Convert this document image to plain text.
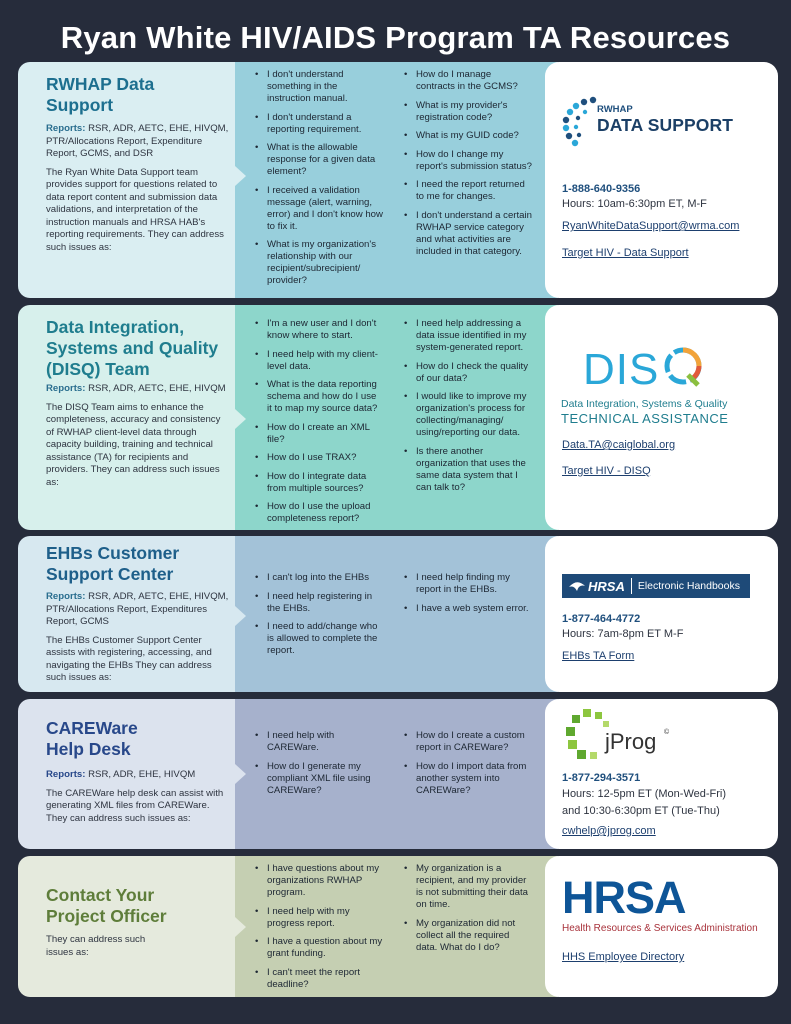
Ryan White HIV/AIDS Program TA Resources
RWHAP Data
Support
Reports: RSR, ADR, AETC, EHE, HIVQM, PTR/Allocations Report, Expenditure Report, GCMS, and DSR
The Ryan White Data Support team provides support for questions related to data report content and submission data validations, and interpretation of the instruction manuals and HRSA HAB's reporting requirements. They can address such issues as:
• I don't understand something in the instruction manual.
• I don't understand a reporting requirement.
• What is the allowable response for a given data element?
• I received a validation message (alert, warning, error) and I don't know how to fix it.
• What is my organization's relationship with our recipient/subrecipient/ provider?
• How do I manage contracts in the GCMS?
• What is my provider's registration code?
• What is my GUID code?
• How do I change my report's submission status?
• I need the report returned to me for changes.
• I don't understand a certain RWHAP service category and what activities are included in that category.
RWHAP
DATA SUPPORT
1-888-640-9356
Hours: 10am-6:30pm ET, M-F
RyanWhiteDataSupport@wrma.com
Target HIV - Data Support
Data Integration,
Systems and Quality
(DISQ) Team
Reports: RSR, ADR, AETC, EHE, HIVQM
The DISQ Team aims to enhance the completeness, accuracy and consistency of RWHAP client-level data through capacity building, training and technical assistance (TA) for recipients and providers. They can address such issues as:
• I'm a new user and I don't know where to start.
• I need help with my client-level data.
• What is the data reporting schema and how do I use it to map my source data?
• How do I create an XML file?
• How do I use TRAX?
• How do I integrate data from multiple sources?
• How do I use the upload completeness report?
• I need help addressing a data issue identified in my system-generated report.
• How do I check the quality of our data?
• I would like to improve my organization's process for collecting/managing/ using/reporting our data.
• Is there another organization that uses the same data system that I can talk to?
DIS
Data Integration, Systems & Quality
TECHNICAL ASSISTANCE
Data.TA@caiglobal.org
Target HIV - DISQ
EHBs Customer
Support Center
Reports: RSR, ADR, AETC, EHE, HIVQM, PTR/Allocations Report, Expenditures Report, GCMS
The EHBs Customer Support Center assists with registering, accessing, and navigating the EHBs They can address such issues as:
• I can't log into the EHBs
• I need help registering in the EHBs.
• I need to add/change who is allowed to complete the report.
• I need help finding my report in the EHBs.
• I have a web system error.
HRSA Electronic Handbooks
1-877-464-4772
Hours: 7am-8pm ET M-F
EHBs TA Form
CAREWare
Help Desk
Reports: RSR, ADR, EHE, HIVQM
The CAREWare help desk can assist with generating XML files from CAREWare. They can address such issues as:
• I need help with CAREWare.
• How do I generate my compliant XML file using CAREWare?
• How do I create a custom report in CAREWare?
• How do I import data from another system into CAREWare?
jProg ©
1-877-294-3571
Hours: 12-5pm ET (Mon-Wed-Fri)
and 10:30-6:30pm ET (Tue-Thu)
cwhelp@jprog.com
Contact Your
Project Officer
They can address such issues as:
• I have questions about my organizations RWHAP program.
• I need help with my progress report.
• I have a question about my grant funding.
• I can't meet the report deadline?
• My organization is a recipient, and my provider is not submitting their data on time.
• My organization did not collect all the required data. What do I do?
HRSA
Health Resources & Services Administration
HHS Employee Directory
